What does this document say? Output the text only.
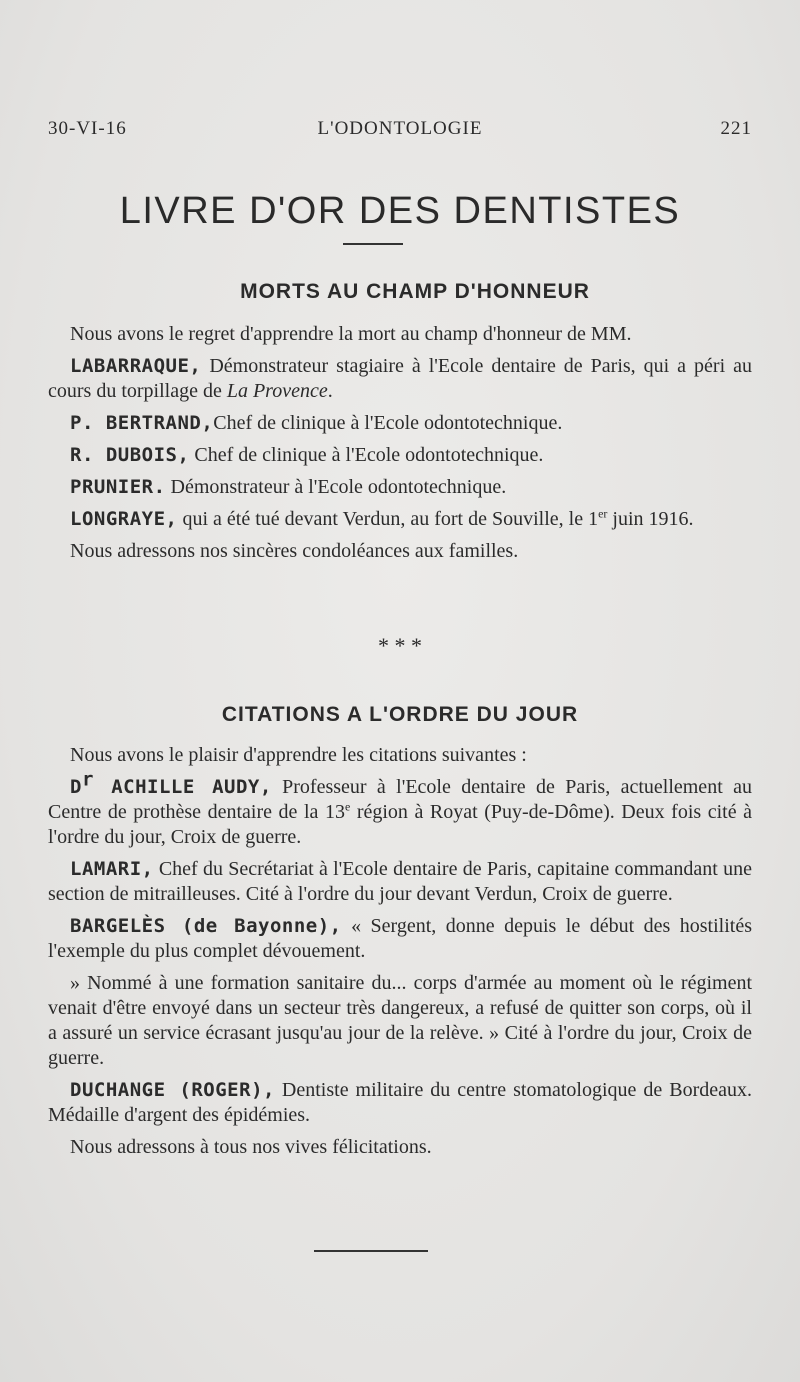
30-VI-16	L'ODONTOLOGIE	221
LIVRE D'OR DES DENTISTES
MORTS AU CHAMP D'HONNEUR

Nous avons le regret d'apprendre la mort au champ d'honneur de MM.

LABARRAQUE, Démonstrateur stagiaire à l'Ecole dentaire de Paris, qui a péri au cours du torpillage de La Provence.

P. BERTRAND,Chef de clinique à l'Ecole odontotechnique.

R. DUBOIS, Chef de clinique à l'Ecole odontotechnique.

PRUNIER. Démonstrateur à l'Ecole odontotechnique.

LONGRAYE, qui a été tué devant Verdun, au fort de Souville, le 1er juin 1916.

Nous adressons nos sincères condoléances aux familles.

* * *
CITATIONS A L'ORDRE DU JOUR

Nous avons le plaisir d'apprendre les citations suivantes :

$D^r$ ACHILLE AUDY, Professeur à l'Ecole dentaire de Paris, actuellement au Centre de prothèse dentaire de la 13e région à Royat (Puy-de-Dôme). Deux fois cité à l'ordre du jour, Croix de guerre.

LAMARI, Chef du Secrétariat à l'Ecole dentaire de Paris, capitaine commandant une section de mitrailleuses. Cité à l'ordre du jour devant Verdun, Croix de guerre.

BARGELÈS (de Bayonne), « Sergent, donne depuis le début des hostilités l'exemple du plus complet dévouement.

» Nommé à une formation sanitaire du... corps d'armée au moment où le régiment venait d'être envoyé dans un secteur très dangereux, a refusé de quitter son corps, où il a assuré un service écrasant jusqu'au jour de la relève. » Cité à l'ordre du jour, Croix de guerre.

DUCHANGE (ROGER), Dentiste militaire du centre stomatologique de Bordeaux. Médaille d'argent des épidémies.

Nous adressons à tous nos vives félicitations.
